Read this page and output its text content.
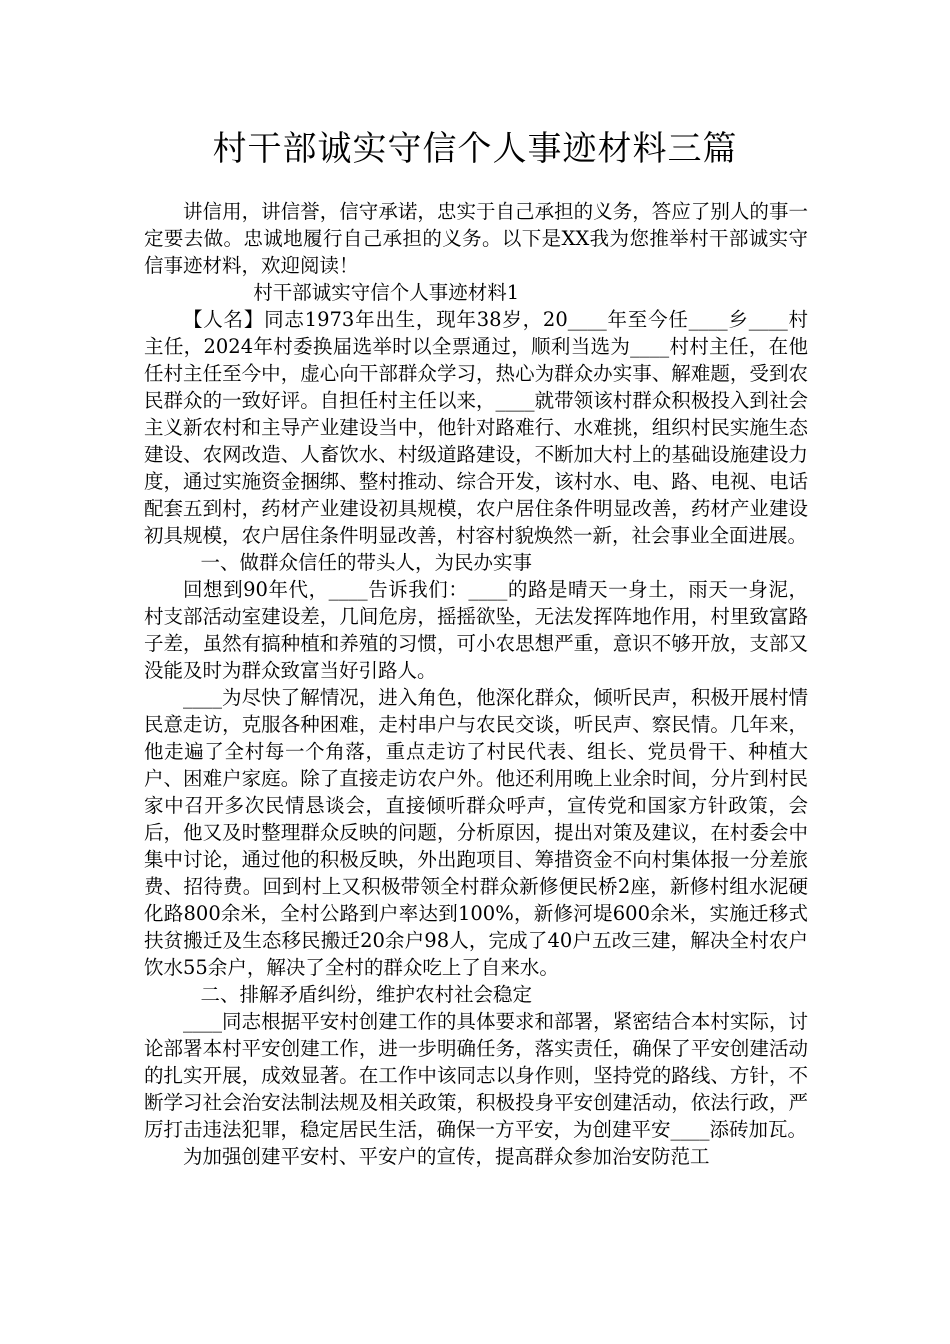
村干部诚实守信个人事迹材料三篇

讲信用，讲信誉，信守承诺，忠实于自己承担的义务，答应了别人的事一定要去做。忠诚地履行自己承担的义务。以下是XX我为您推举村干部诚实守信事迹材料，欢迎阅读！

村干部诚实守信个人事迹材料1

【人名】同志1973年出生，现年38岁，20____年至今任____乡____村主任，2024年村委换届选举时以全票通过，顺利当选为____村村主任，在他任村主任至今中，虚心向干部群众学习，热心为群众办实事、解难题，受到农民群众的一致好评。自担任村主任以来，____就带领该村群众积极投入到社会主义新农村和主导产业建设当中，他针对路难行、水难挑，组织村民实施生态建设、农网改造、人畜饮水、村级道路建设，不断加大村上的基础设施建设力度，通过实施资金捆绑、整村推动、综合开发，该村水、电、路、电视、电话配套五到村，药材产业建设初具规模，农户居住条件明显改善，药材产业建设初具规模，农户居住条件明显改善，村容村貌焕然一新，社会事业全面进展。

一、做群众信任的带头人，为民办实事

回想到90年代，____告诉我们：____的路是晴天一身土，雨天一身泥，村支部活动室建设差，几间危房，摇摇欲坠，无法发挥阵地作用，村里致富路子差，虽然有搞种植和养殖的习惯，可小农思想严重，意识不够开放，支部又没能及时为群众致富当好引路人。

____为尽快了解情况，进入角色，他深化群众，倾听民声，积极开展村情民意走访，克服各种困难，走村串户与农民交谈，听民声、察民情。几年来，他走遍了全村每一个角落，重点走访了村民代表、组长、党员骨干、种植大户、困难户家庭。除了直接走访农户外。他还利用晚上业余时间，分片到村民家中召开多次民情恳谈会，直接倾听群众呼声，宣传党和国家方针政策，会后，他又及时整理群众反映的问题，分析原因，提出对策及建议，在村委会中集中讨论，通过他的积极反映，外出跑项目、筹措资金不向村集体报一分差旅费、招待费。回到村上又积极带领全村群众新修便民桥2座，新修村组水泥硬化路800余米，全村公路到户率达到100%，新修河堤600余米，实施迁移式扶贫搬迁及生态移民搬迁20余户98人，完成了40户五改三建，解决全村农户饮水55余户，解决了全村的群众吃上了自来水。

二、排解矛盾纠纷，维护农村社会稳定

____同志根据平安村创建工作的具体要求和部署，紧密结合本村实际，讨论部署本村平安创建工作，进一步明确任务，落实责任，确保了平安创建活动的扎实开展，成效显著。在工作中该同志以身作则，坚持党的路线、方针，不断学习社会治安法制法规及相关政策，积极投身平安创建活动，依法行政，严厉打击违法犯罪，稳定居民生活，确保一方平安，为创建平安____添砖加瓦。

为加强创建平安村、平安户的宣传，提高群众参加治安防范工
